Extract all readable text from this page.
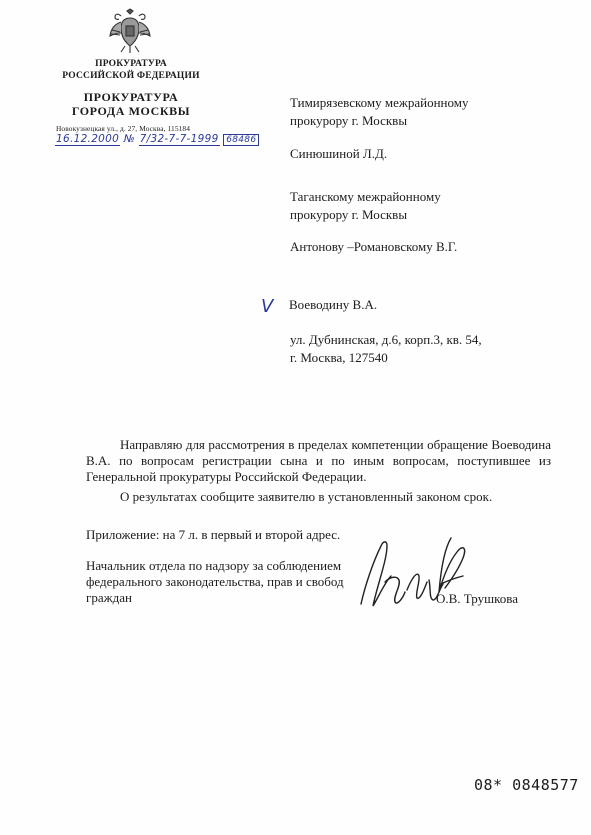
ПРОКУРАТУРА
РОССИЙСКОЙ ФЕДЕРАЦИИ
ПРОКУРАТУРА
ГОРОДА МОСКВЫ
Новокузнецкая ул., д. 27, Москва, 115184
16.12.2000 № 7/32-7-7-1999 68486
Тимирязевскому межрайонному
прокурору г. Москвы
Синюшиной Л.Д.
Таганскому межрайонному
прокурору г. Москвы
Антонову –Романовскому В.Г.
V Воеводину В.А.
ул. Дубнинская, д.6, корп.3, кв. 54,
г. Москва, 127540
Направляю для рассмотрения в пределах компетенции обращение Воеводина В.А. по вопросам регистрации сына и по иным вопросам, поступившее из Генеральной прокуратуры Российской Федерации.
О результатах сообщите заявителю в установленный законом срок.
Приложение: на 7 л. в первый и второй адрес.
Начальник отдела по надзору за соблюдением
федерального законодательства, прав и свобод
граждан	О.В. Трушкова
08* 0848577
